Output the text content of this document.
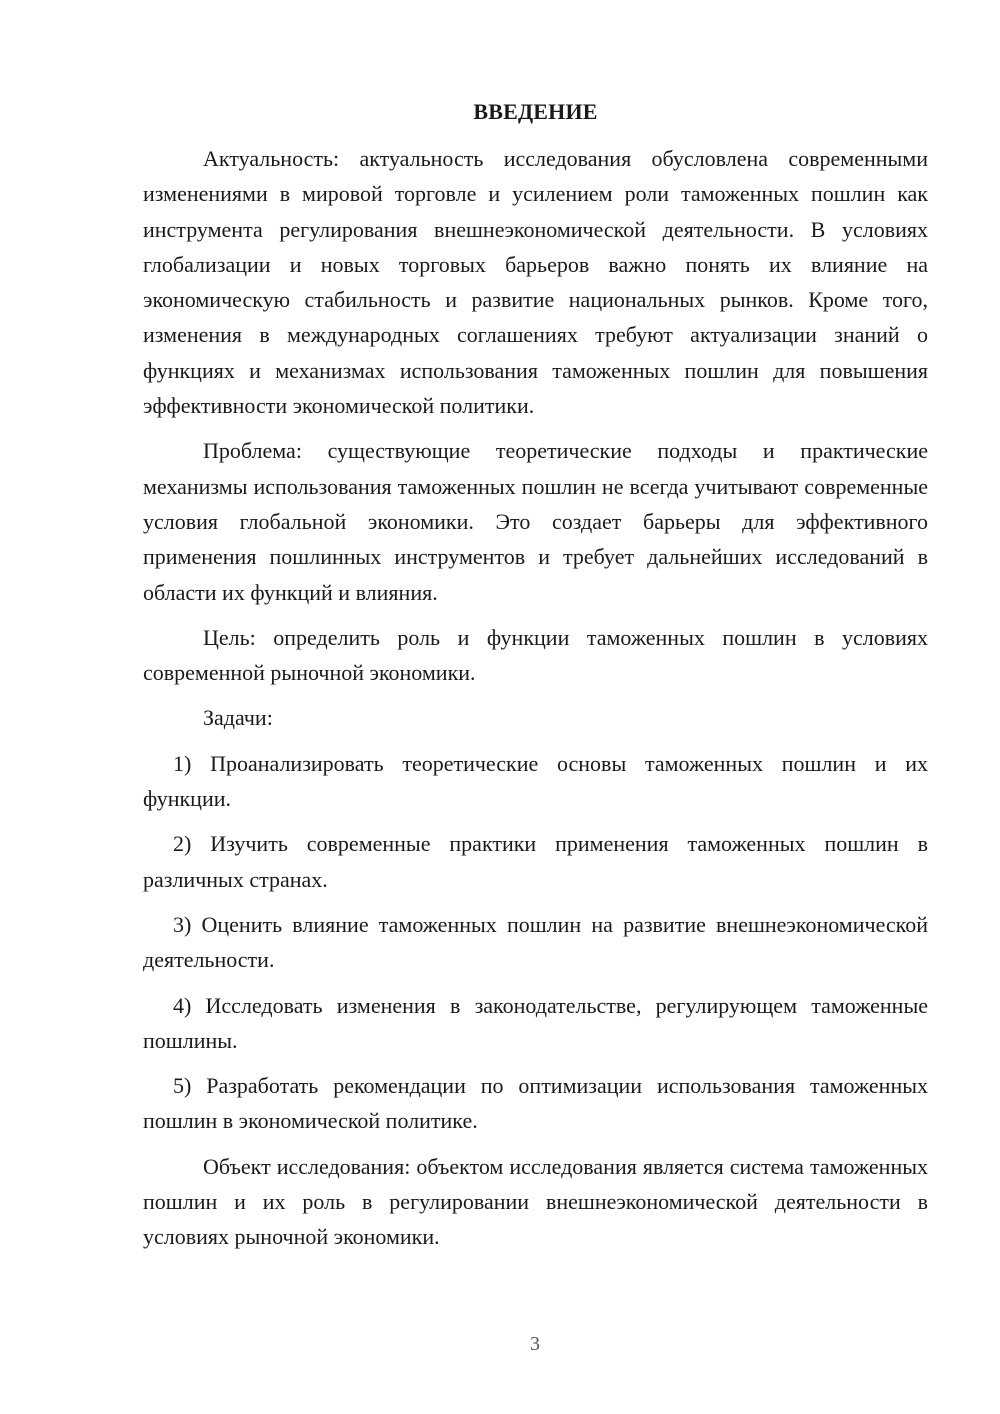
ВВЕДЕНИЕ

Актуальность: актуальность исследования обусловлена современными изменениями в мировой торговле и усилением роли таможенных пошлин как инструмента регулирования внешнеэкономической деятельности. В условиях глобализации и новых торговых барьеров важно понять их влияние на экономическую стабильность и развитие национальных рынков. Кроме того, изменения в международных соглашениях требуют актуализации знаний о функциях и механизмах использования таможенных пошлин для повышения эффективности экономической политики.

Проблема: существующие теоретические подходы и практические механизмы использования таможенных пошлин не всегда учитывают современные условия глобальной экономики. Это создает барьеры для эффективного применения пошлинных инструментов и требует дальнейших исследований в области их функций и влияния.

Цель: определить роль и функции таможенных пошлин в условиях современной рыночной экономики.

Задачи:

1) Проанализировать теоретические основы таможенных пошлин и их функции.

2) Изучить современные практики применения таможенных пошлин в различных странах.

3) Оценить влияние таможенных пошлин на развитие внешнеэкономической деятельности.

4) Исследовать изменения в законодательстве, регулирующем таможенные пошлины.

5) Разработать рекомендации по оптимизации использования таможенных пошлин в экономической политике.

Объект исследования: объектом исследования является система таможенных пошлин и их роль в регулировании внешнеэкономической деятельности в условиях рыночной экономики.

3
